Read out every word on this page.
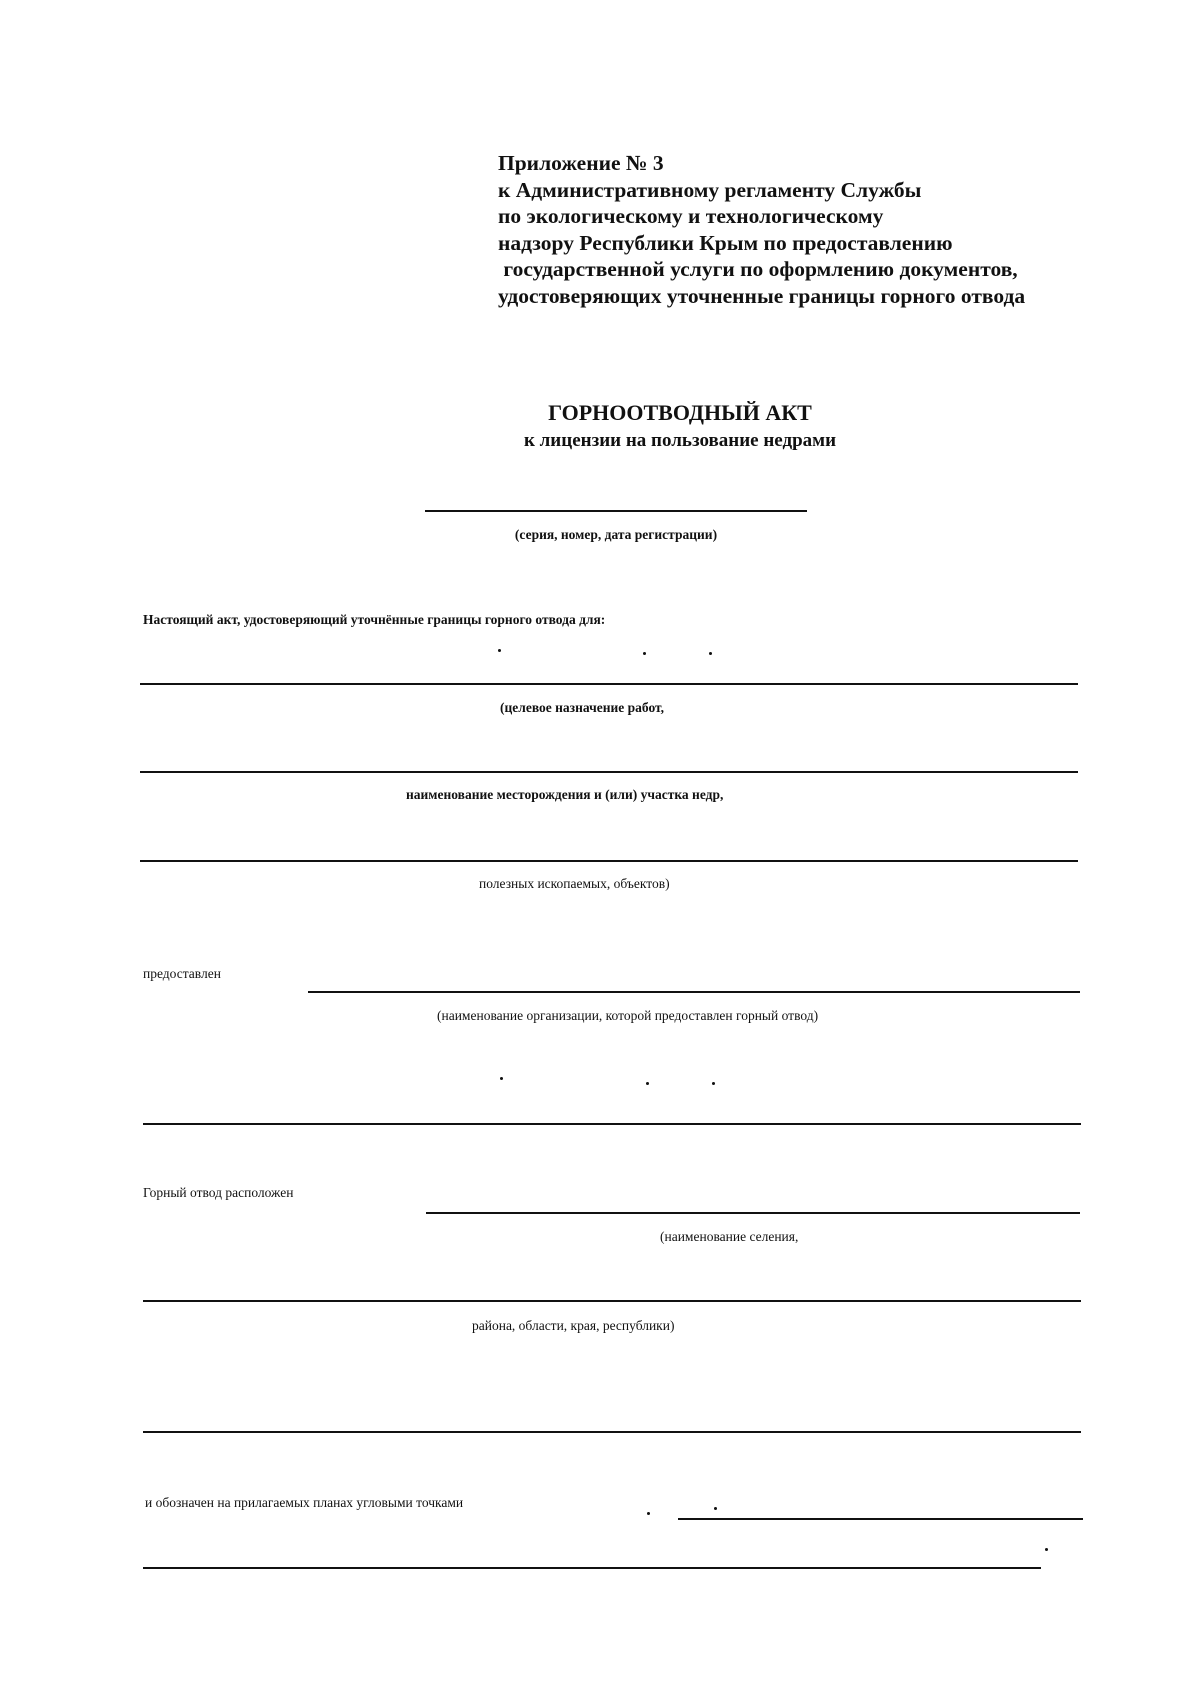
Приложение № 3
к Административному регламенту Службы
по экологическому и технологическому
надзору Республики Крым по предоставлению
государственной услуги по оформлению документов,
удостоверяющих уточненные границы горного отвода
ГОРНООТВОДНЫЙ АКТ
к лицензии на пользование недрами
(серия, номер, дата регистрации)
Настоящий акт, удостоверяющий уточнённые границы горного отвода для:
(целевое назначение работ,
наименование месторождения и (или) участка недр,
полезных ископаемых, объектов)
предоставлен
(наименование организации, которой предоставлен горный отвод)
Горный отвод расположен
(наименование селения,
района, области, края, республики)
и обозначен на прилагаемых планах угловыми точками
